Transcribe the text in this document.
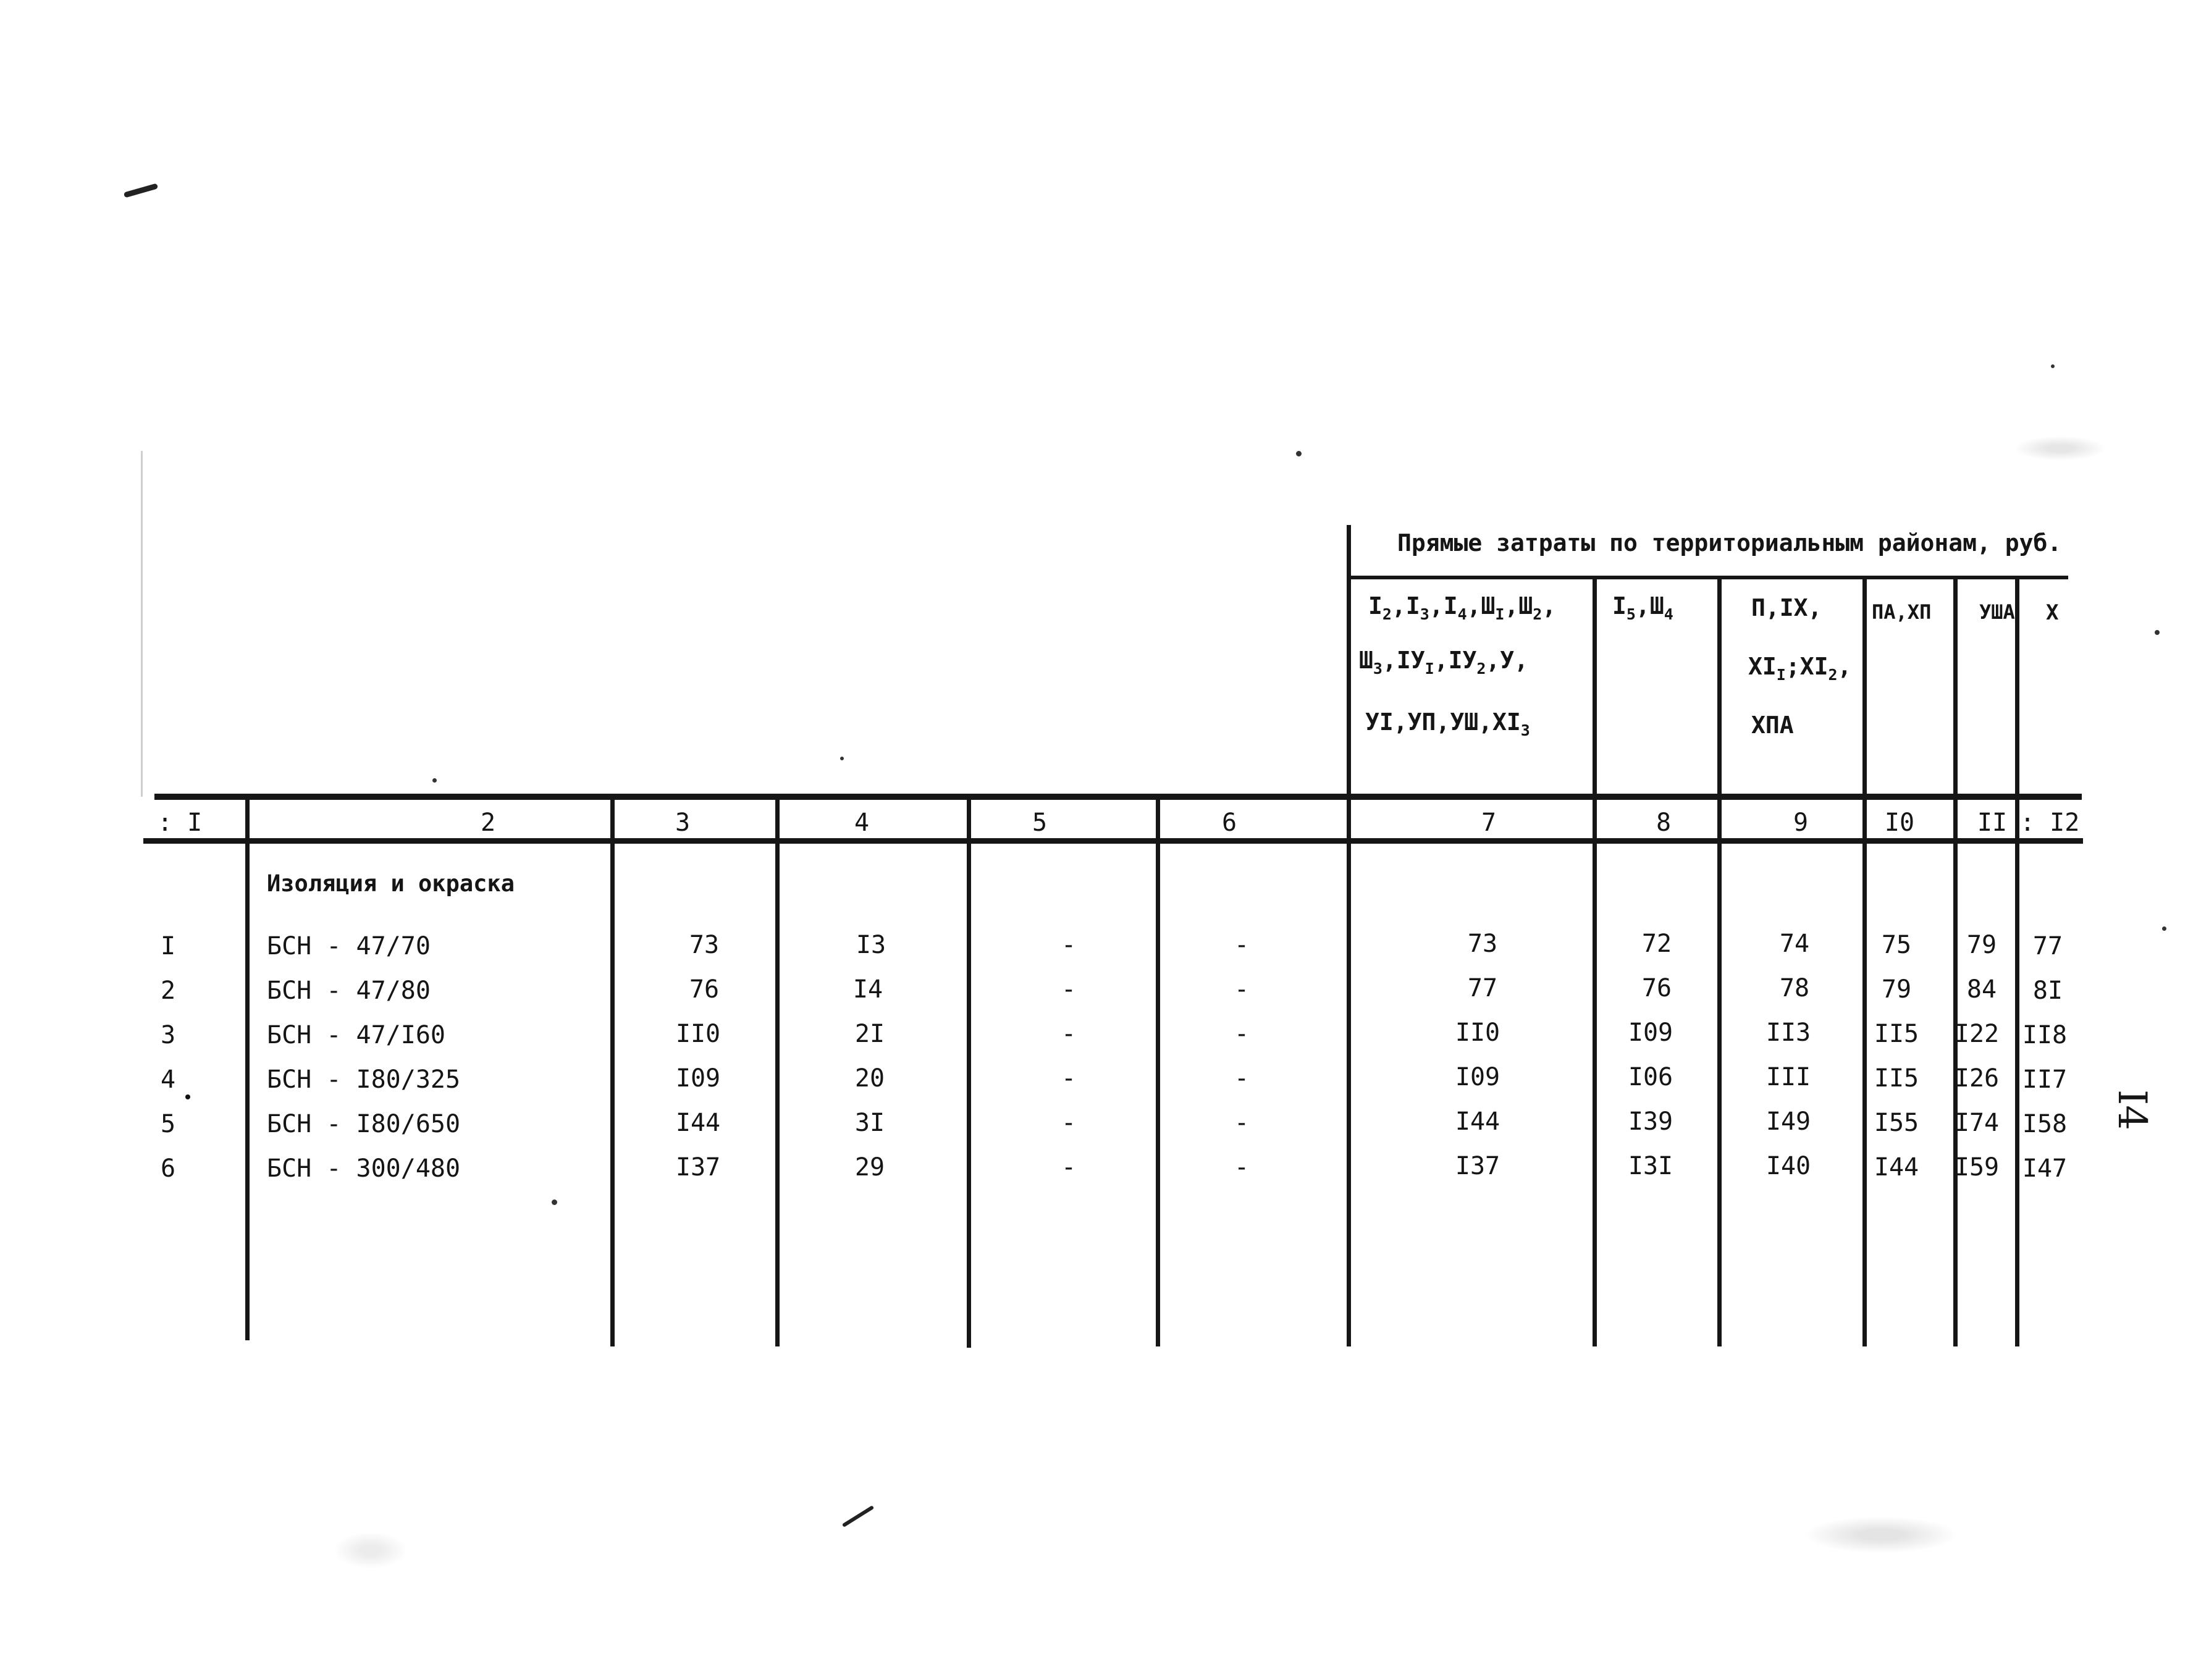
Прямые затраты по территориальным районам, руб.
$I_2,I_3,I_4,Ш_I,Ш_2$,
$Ш_3,IУ_I,IУ_2,У$,
$УI,УП,УШ,XI_3$
$I_5,Ш_4$	П,IX,
$XI_I;XI_2$,
ХПА
ПА,ХП УША Х
: I	2	3	4	5	6	7	8	9	I0	II : I2
Изоляция и окраска
I	БСН - 47/70	73	I3	-	-	73	72	74	75 79 77
2	БСН - 47/80	76	I4	-	-	77	76	78	79 84 8I
3	БСН - 47/I60	II0	2I	-	-	II0	I09	II3	II5 I22 II8
4	БСН - I80/325	I09	20	-	-	I09	I06	III	II5 I26 II7
5	БСН - I80/650	I44	3I	-	-	I44	I39	I49	I55 I74 I58
6	БСН - 300/480	I37	29	-	-	I37	I3I	I40	I44 I59 I47
I4
